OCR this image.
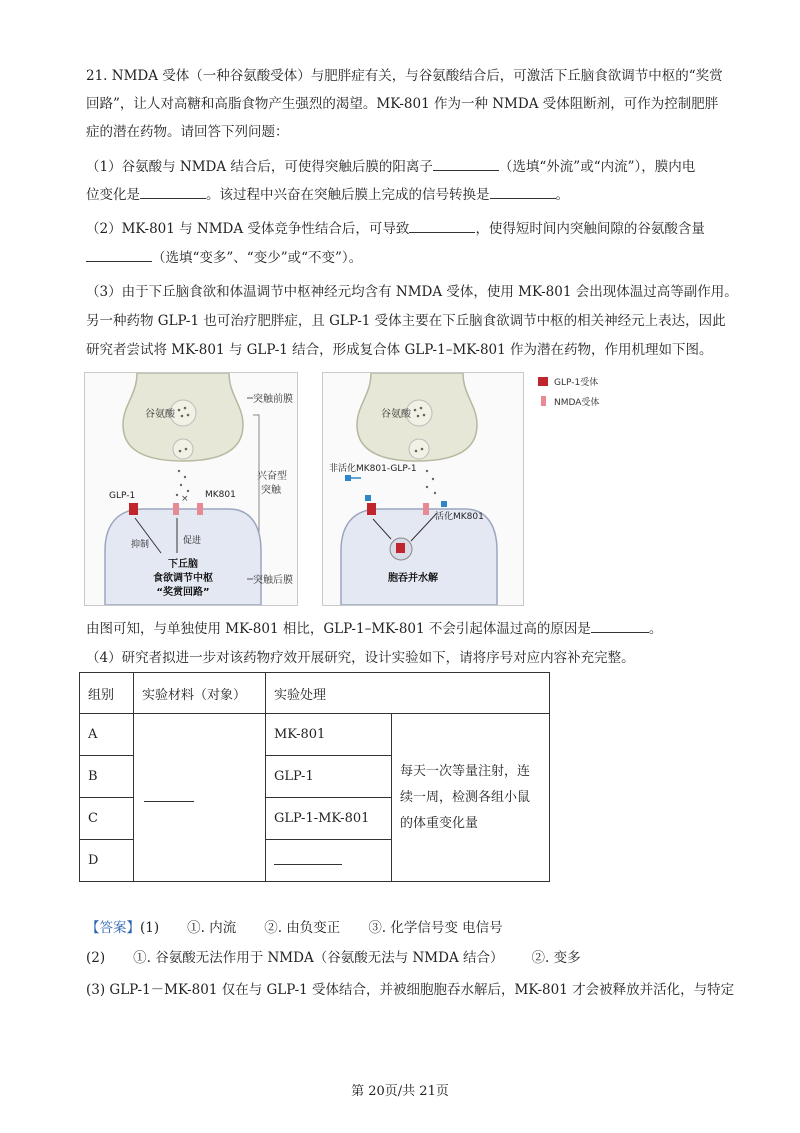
21. NMDA 受体（一种谷氨酸受体）与肥胖症有关，与谷氨酸结合后，可激活下丘脑食欲调节中枢的“奖赏
回路”，让人对高糖和高脂食物产生强烈的渴望。MK-801 作为一种 NMDA 受体阻断剂，可作为控制肥胖
症的潜在药物。请回答下列问题：
（1）谷氨酸与 NMDA 结合后，可使得突触后膜的阳离子	（选填“外流”或“内流”），膜内电
位变化是	。该过程中兴奋在突触后膜上完成的信号转换是	。
（2）MK-801 与 NMDA 受体竞争性结合后，可导致	，使得短时间内突触间隙的谷氨酸含量
（选填“变多”、“变少”或“不变”）。
（3）由于下丘脑食欲和体温调节中枢神经元均含有 NMDA 受体，使用 MK-801 会出现体温过高等副作用。
另一种药物 GLP-1 也可治疗肥胖症，且 GLP-1 受体主要在下丘脑食欲调节中枢的相关神经元上表达，因此
研究者尝试将 MK-801 与 GLP-1 结合，形成复合体 GLP-1–MK-801 作为潜在药物，作用机理如下图。
谷氨酸
突触前膜
兴奋型
突触
×
GLP-1	MK801
抑制	促进
下丘脑
食欲调节中枢
“奖赏回路”
突触后膜
谷氨酸
非活化MK801-GLP-1
活化MK801
胞吞并水解
GLP-1受体
NMDA受体
由图可知，与单独使用 MK-801 相比，GLP-1–MK-801 不会引起体温过高的原因是	。
（4）研究者拟进一步对该药物疗效开展研究，设计实验如下，请将序号对应内容补充完整。
组别	实验材料（对象）	实验处理	
A		MK-801	每天一次等量注射，连
续一周，检测各组小鼠
的体重变化量

B		GLP-1	
C		GLP-1-MK-801	
D			
【答案】(1) ①. 内流 ②. 由负变正 ③. 化学信号变 电信号
(2) ①. 谷氨酸无法作用于 NMDA（谷氨酸无法与 NMDA 结合） ②. 变多
(3) GLP-1－MK-801 仅在与 GLP-1 受体结合，并被细胞胞吞水解后，MK-801 才会被释放并活化，与特定
第 20页/共 21页
